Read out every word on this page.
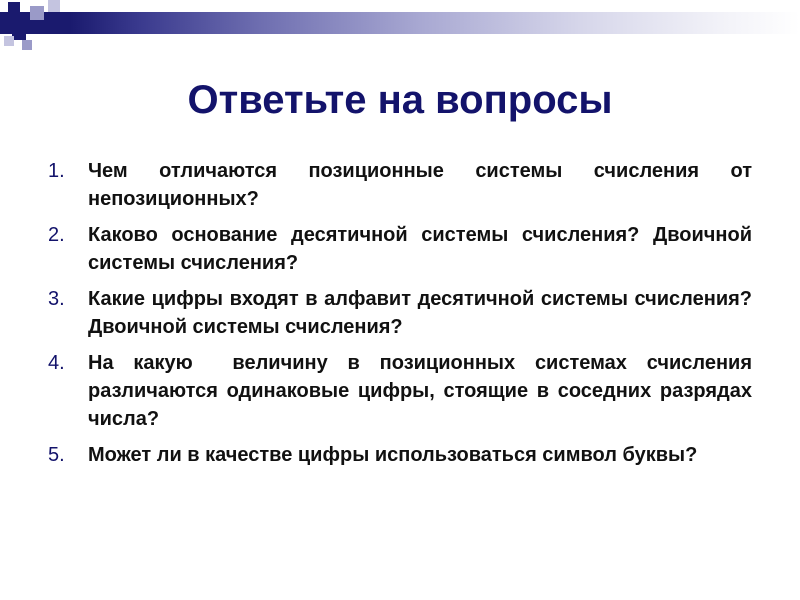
Ответьте на вопросы
1. Чем отличаются позиционные системы счисления от непозиционных?
2. Каково основание десятичной системы счисления? Двоичной системы счисления?
3. Какие цифры входят в алфавит десятичной системы счисления? Двоичной системы счисления?
4. На какую  величину в позиционных системах счисления различаются одинаковые цифры, стоящие в соседних разрядах числа?
5. Может ли в качестве цифры использоваться символ буквы?
